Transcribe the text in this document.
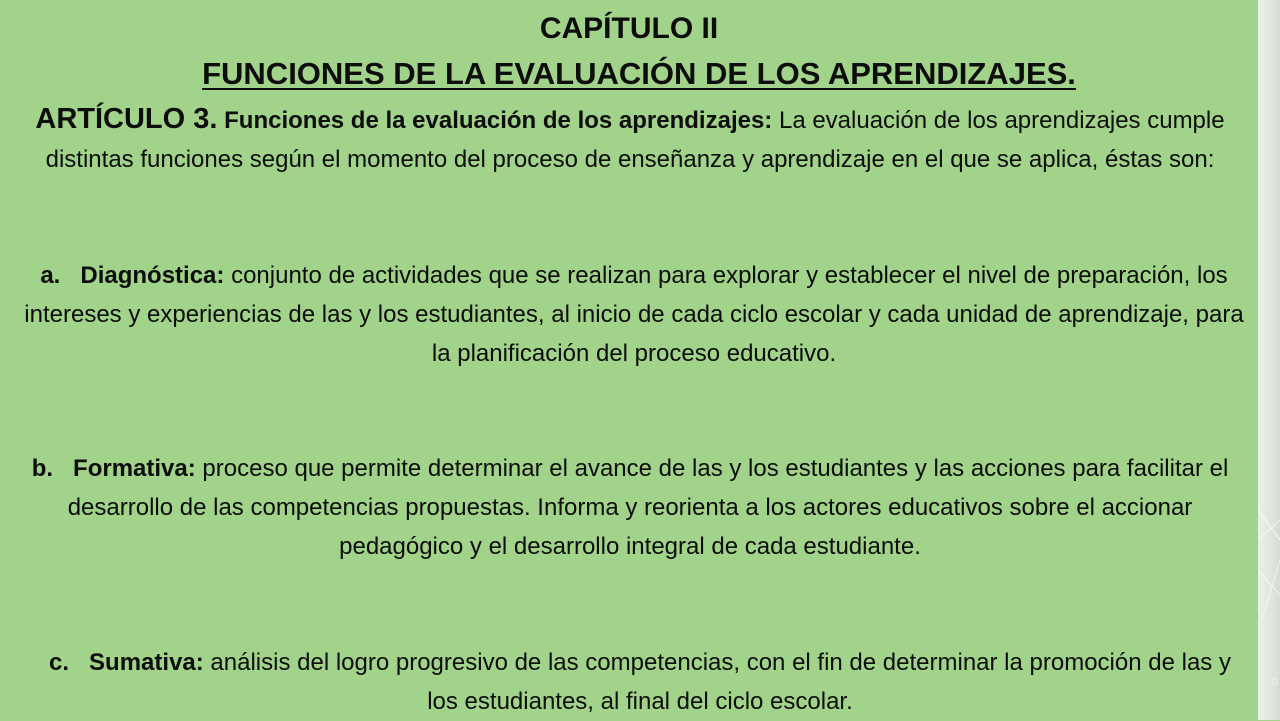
CAPÍTULO II
FUNCIONES DE LA EVALUACIÓN DE LOS APRENDIZAJES.

ARTÍCULO 3. Funciones de la evaluación de los aprendizajes: La evaluación de los aprendizajes cumple distintas funciones según el momento del proceso de enseñanza y aprendizaje en el que se aplica, éstas son:

a. Diagnóstica: conjunto de actividades que se realizan para explorar y establecer el nivel de preparación, los intereses y experiencias de las y los estudiantes, al inicio de cada ciclo escolar y cada unidad de aprendizaje, para la planificación del proceso educativo.

b. Formativa: proceso que permite determinar el avance de las y los estudiantes y las acciones para facilitar el desarrollo de las competencias propuestas. Informa y reorienta a los actores educativos sobre el accionar pedagógico y el desarrollo integral de cada estudiante.

c. Sumativa: análisis del logro progresivo de las competencias, con el fin de determinar la promoción de las y los estudiantes, al final del ciclo escolar.

0
